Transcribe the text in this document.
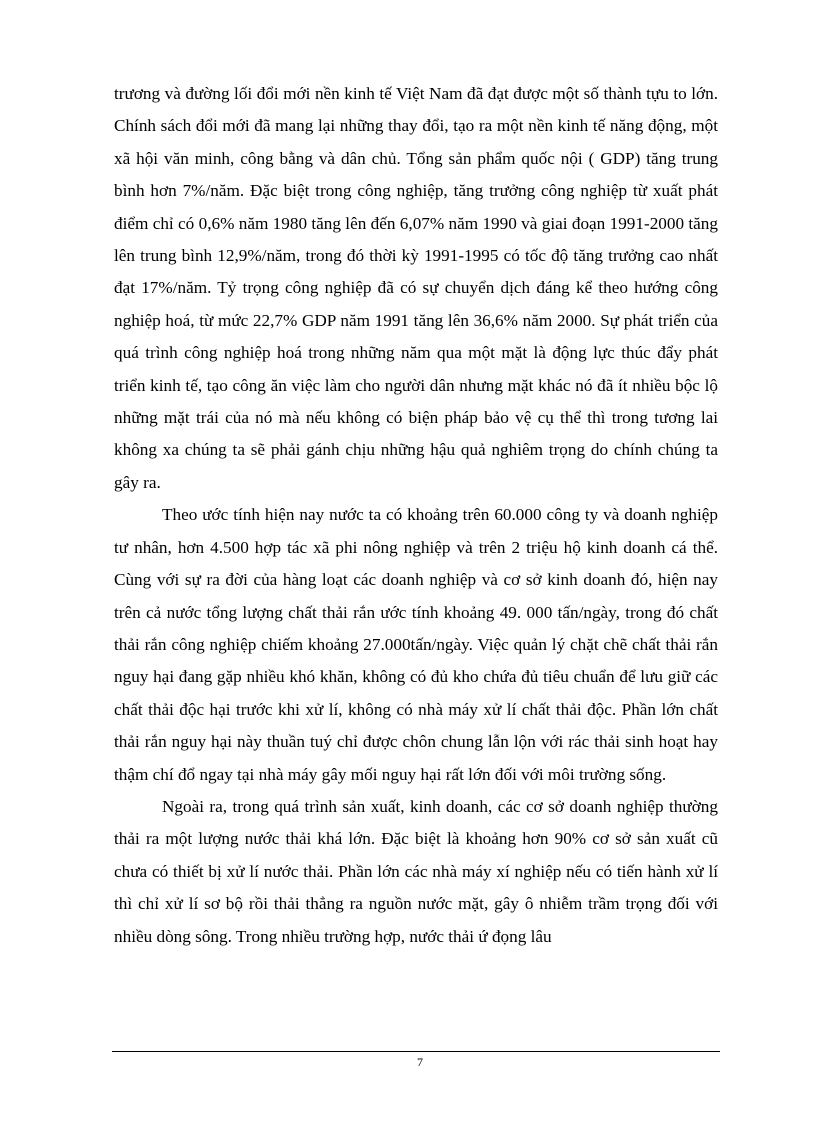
trương và đường lối đổi mới nền kinh tế Việt Nam đã đạt được một số thành tựu to lớn. Chính sách đổi mới đã mang lại những thay đổi, tạo ra một nền kinh tế năng động, một xã hội văn minh, công bằng và dân chủ. Tổng sản phẩm quốc nội ( GDP) tăng trung bình hơn 7%/năm. Đặc biệt trong công nghiệp, tăng trưởng công nghiệp từ xuất phát điểm chỉ có 0,6% năm 1980 tăng lên đến 6,07% năm 1990 và giai đoạn 1991-2000 tăng lên trung bình 12,9%/năm, trong đó thời kỳ 1991-1995 có tốc độ tăng trưởng cao nhất đạt 17%/năm. Tỷ trọng công nghiệp đã có sự chuyển dịch đáng kể theo hướng công nghiệp hoá, từ mức 22,7% GDP năm 1991 tăng lên 36,6% năm 2000. Sự phát triển của quá trình công nghiệp hoá trong những năm qua một mặt là động lực thúc đẩy phát triển kinh tế, tạo công ăn việc làm cho người dân nhưng mặt khác nó đã ít nhiều bộc lộ những mặt trái của nó mà nếu không có biện pháp bảo vệ cụ thể thì trong tương lai không xa chúng ta sẽ phải gánh chịu những hậu quả nghiêm trọng do chính chúng ta gây ra.

Theo ước tính hiện nay nước ta có khoảng trên 60.000 công ty và doanh nghiệp tư nhân, hơn 4.500 hợp tác xã phi nông nghiệp và trên 2 triệu hộ kinh doanh cá thể. Cùng với sự ra đời của hàng loạt các doanh nghiệp và cơ sở kinh doanh đó, hiện nay trên cả nước tổng lượng chất thải rắn ước tính khoảng 49. 000 tấn/ngày, trong đó chất thải rắn công nghiệp chiếm khoảng 27.000tấn/ngày. Việc quản lý chặt chẽ chất thải rắn nguy hại đang gặp nhiều khó khăn, không có đủ kho chứa đủ tiêu chuẩn để lưu giữ các chất thải độc hại trước khi xử lí, không có nhà máy xử lí chất thải độc. Phần lớn chất thải rắn nguy hại này thuần tuý chỉ được chôn chung lẫn lộn với rác thải sinh hoạt hay thậm chí đổ ngay tại nhà máy gây mối nguy hại rất lớn đối với môi trường sống.

Ngoài ra, trong quá trình sản xuất, kinh doanh, các cơ sở doanh nghiệp thường thải ra một lượng nước thải khá lớn. Đặc biệt là khoảng hơn 90% cơ sở sản xuất cũ chưa có thiết bị xử lí nước thải. Phần lớn các nhà máy xí nghiệp nếu có tiến hành xử lí thì chỉ xử lí sơ bộ rồi thải thẳng ra nguồn nước mặt, gây ô nhiễm trầm trọng đối với nhiều dòng sông. Trong nhiều trường hợp, nước thải ứ đọng lâu

7
